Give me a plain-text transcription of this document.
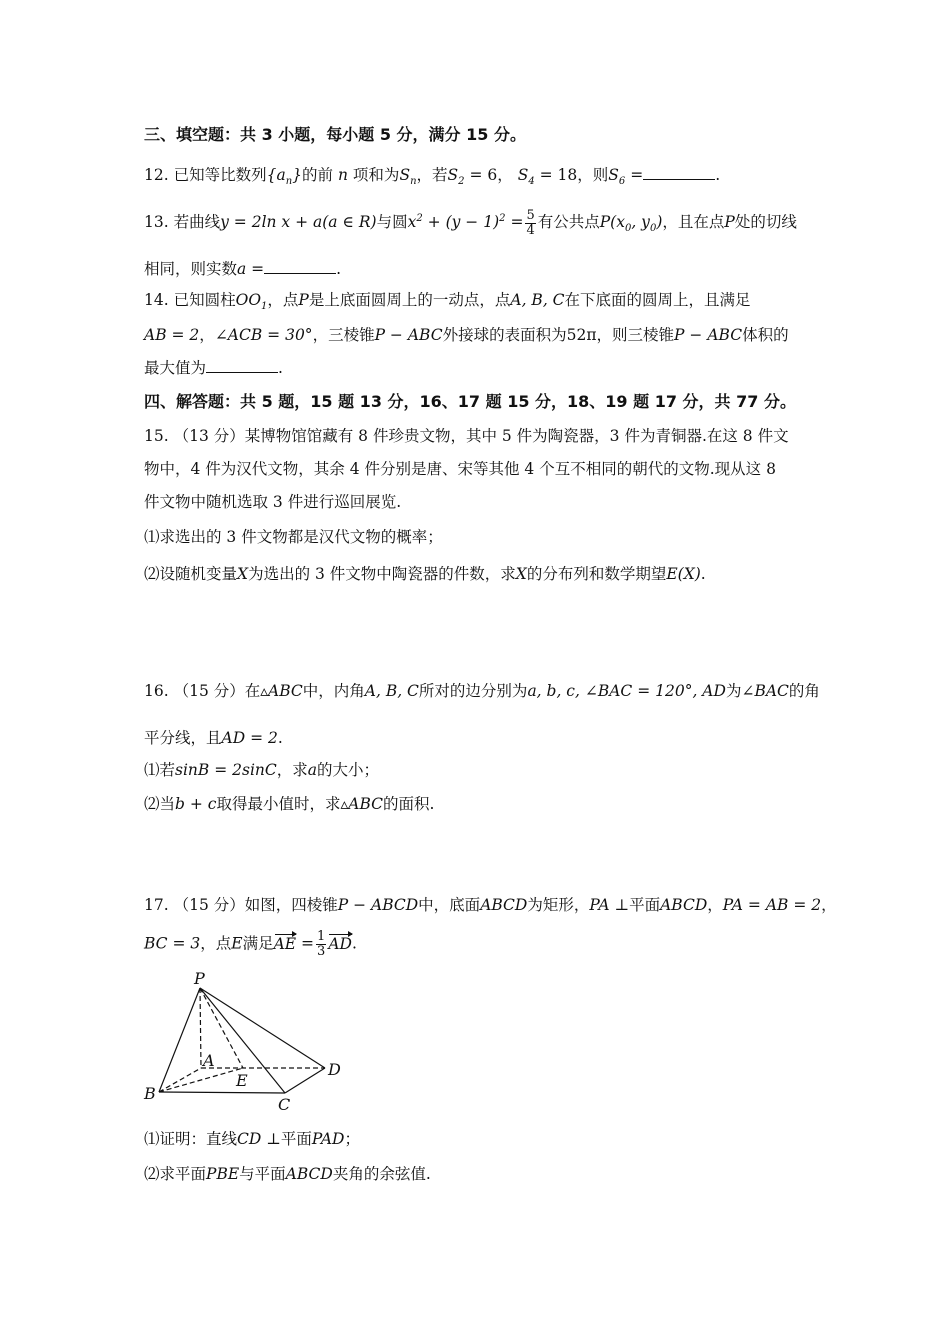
三、填空题：共 3 小题，每小题 5 分，满分 15 分。
12. 已知等比数列$\{a_n\}$的前 n 项和为$S_n$，若$S_2 = 6$， $S_4 = 18$，则$S_6$ =	.
13. 若曲线y = 2ln x + a(a ∈ R)与圆$x^2 + (y - 1)^2 = \frac{5}{4}$ 有公共点$P(x_0$, $y_0$)，且在点P处的切线
相同，则实数a =	.
14. 已知圆柱$OO_1$，点P是上底面圆周上的一动点，点A, B, C在下底面的圆周上，且满足
AB = 2，∠ACB = 30°，三棱锥P − ABC外接球的表面积为52π，则三棱锥P − ABC体积的
最大值为	.
四、解答题：共 5 题，15 题 13 分，16、17 题 15 分，18、19 题 17 分，共 77 分。
15. （13 分）某博物馆馆藏有 8 件珍贵文物，其中 5 件为陶瓷器，3 件为青铜器.在这 8 件文
物中，4 件为汉代文物，其余 4 件分别是唐、宋等其他 4 个互不相同的朝代的文物.现从这 8
件文物中随机选取 3 件进行巡回展览.
⑴求选出的 3 件文物都是汉代文物的概率；
⑵设随机变量X为选出的 3 件文物中陶瓷器的件数，求X的分布列和数学期望E(X).
16. （15 分）在▵ABC中，内角A, B, C所对的边分别为a, b, c, ∠BAC = 120°, AD为∠BAC的角
平分线，且AD = 2.
⑴若sinB = 2sinC，求a的大小；
⑵当b + c取得最小值时，求▵ABC的面积.
17. （15 分）如图，四棱锥P − ABCD中，底面ABCD为矩形，PA ⊥平面ABCD，PA = AB = 2，
BC = 3，点E满足AE = $\frac{1}{3}$ AD.
P
A
E
D
B
C
⑴证明：直线CD ⊥平面PAD；
⑵求平面PBE与平面ABCD夹角的余弦值.
